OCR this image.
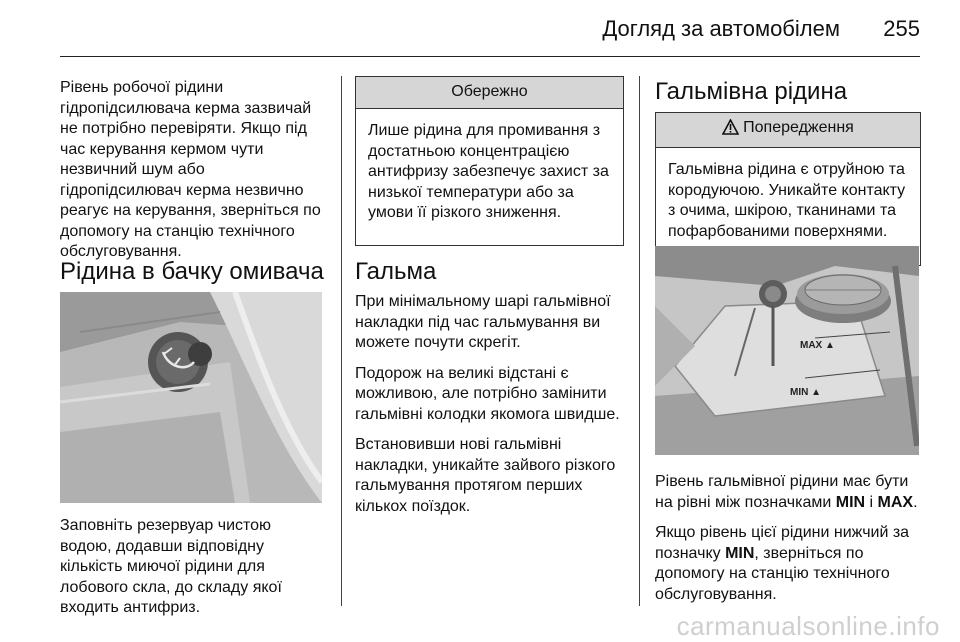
Догляд за автомобілем 255

Рівень робочої рідини гідропідсилювача керма зазвичай не потрібно перевіряти. Якщо під час керування кермом чути незвичний шум або гідропідсилювач керма незвично реагує на керування, зверніться по допомогу на станцію технічного обслуговування.

Рідина в бачку омивача

Заповніть резервуар чистою водою, додавши відповідну кількість миючої рідини для лобового скла, до складу якої входить антифриз.

Обережно
Лише рідина для промивання з достатньою концентрацією антифризу забезпечує захист за низької температури або за умови її різкого зниження.
Гальма

При мінімальному шарі гальмівної накладки під час гальмування ви можете почути скрегіт.

Подорож на великі відстані є можливою, але потрібно замінити гальмівні колодки якомога швидше.

Встановивши нові гальмівні накладки, уникайте зайвого різкого гальмування протягом перших кількох поїздок.

Гальмівна рідина
Попередження
Гальмівна рідина є отруйною та кородуючою. Уникайте контакту з очима, шкірою, тканинами та пофарбованими поверхнями.
MAX ▲
MIN ▲

Рівень гальмівної рідини має бути на рівні між позначками MIN і MAX.

Якщо рівень цієї рідини нижчий за позначку MIN, зверніться по допомогу на станцію технічного обслуговування.

carmanualsonline.info
